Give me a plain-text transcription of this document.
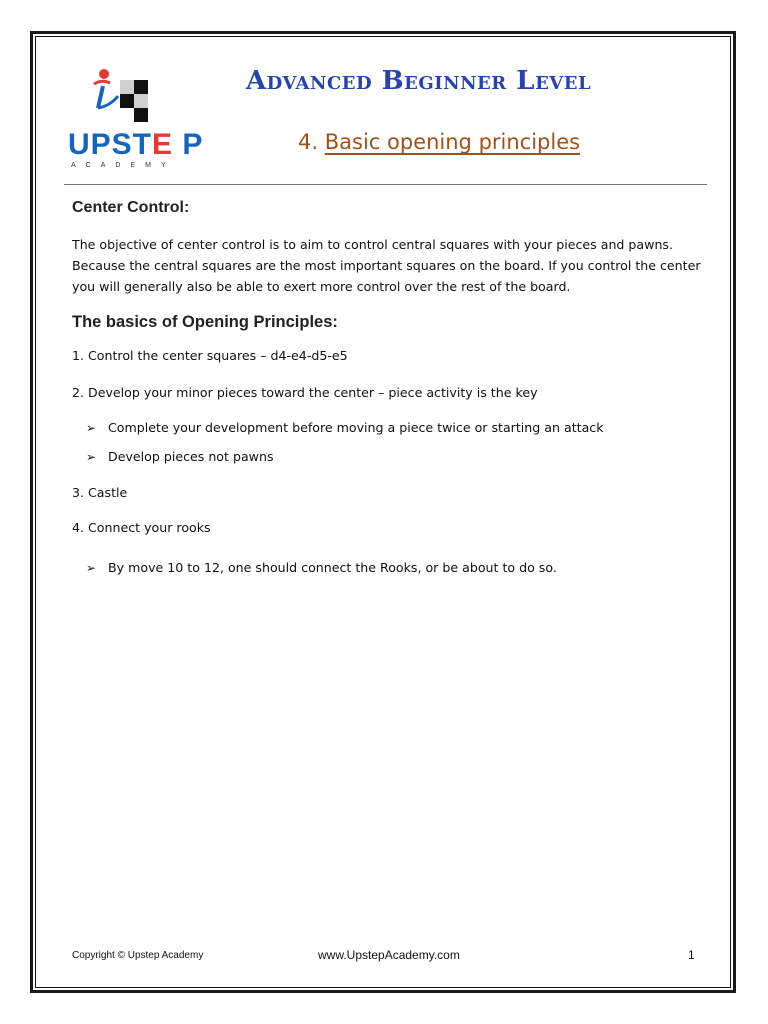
UPSTE P
ACADEMY
Advanced Beginner Level
4. Basic opening principles
Center Control:
The objective of center control is to aim to control central squares with your pieces and pawns. Because the central squares are the most important squares on the board. If you control the center you will generally also be able to exert more control over the rest of the board.
The basics of Opening Principles:
1. Control the center squares – d4-e4-d5-e5
2. Develop your minor pieces toward the center – piece activity is the key
➢ Complete your development before moving a piece twice or starting an attack
➢ Develop pieces not pawns
3. Castle
4. Connect your rooks
➢ By move 10 to 12, one should connect the Rooks, or be about to do so.
Copyright © Upstep Academy	www.UpstepAcademy.com	1
